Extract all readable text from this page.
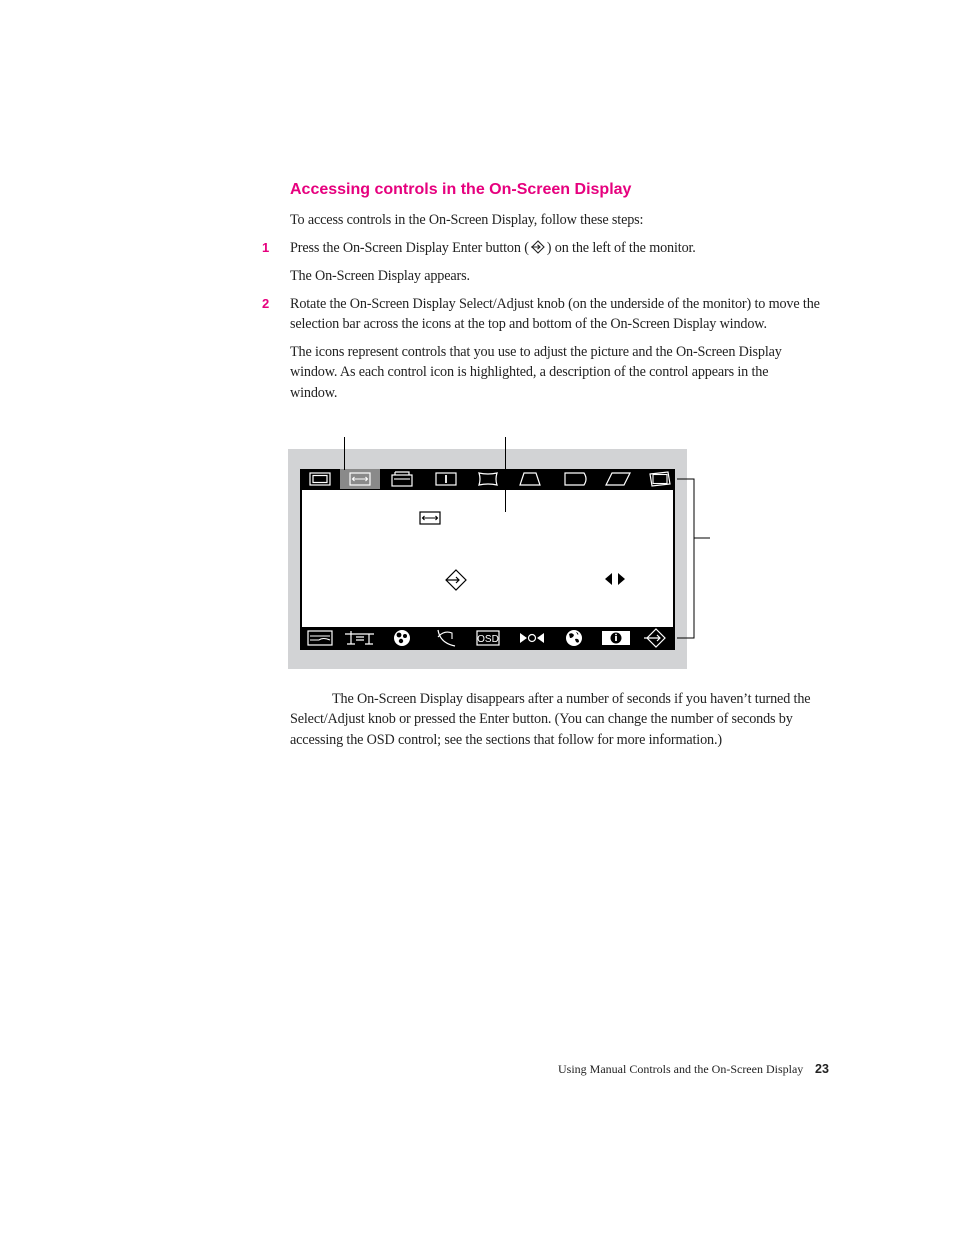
Accessing controls in the On-Screen Display

To access controls in the On-Screen Display, follow these steps:

1 Press the On-Screen Display Enter button ( ) on the left of the monitor.

The On-Screen Display appears.

2 Rotate the On-Screen Display Select/Adjust knob (on the underside of the monitor) to move the selection bar across the icons at the top and bottom of the On-Screen Display window.

The icons represent controls that you use to adjust the picture and the On-Screen Display window. As each control icon is highlighted, a description of the control appears in the window.

OSD

The On-Screen Display disappears after a number of seconds if you haven’t turned the Select/Adjust knob or pressed the Enter button. (You can change the number of seconds by accessing the OSD control; see the sections that follow for more information.)

Using Manual Controls and the On-Screen Display 23
